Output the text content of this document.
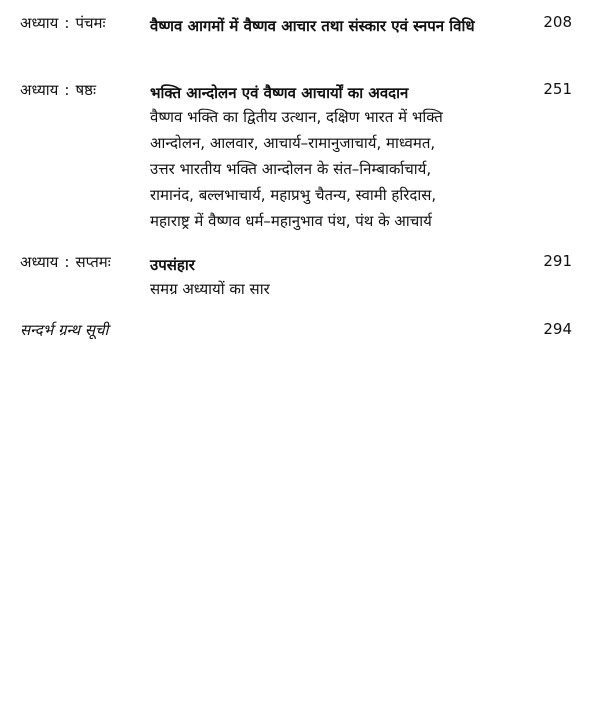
अध्याय : पंचमः	वैष्णव आगमों में वैष्णव आचार तथा संस्कार एवं स्नपन विधि	208
अध्याय : षष्ठः	भक्ति आन्दोलन एवं वैष्णव आचार्यों का अवदान	251
वैष्णव भक्ति का द्वितीय उत्थान, दक्षिण भारत में भक्ति
आन्दोलन, आलवार, आचार्य–रामानुजाचार्य, माध्वमत,
उत्तर भारतीय भक्ति आन्दोलन के संत–निम्बार्काचार्य,
रामानंद, बल्लभाचार्य, महाप्रभु चैतन्य, स्वामी हरिदास,
महाराष्ट्र में वैष्णव धर्म–महानुभाव पंथ, पंथ के आचार्य
अध्याय : सप्तमः	उपसंहार	291
समग्र अध्यायों का सार
सन्दर्भ ग्रन्थ सूची	294
